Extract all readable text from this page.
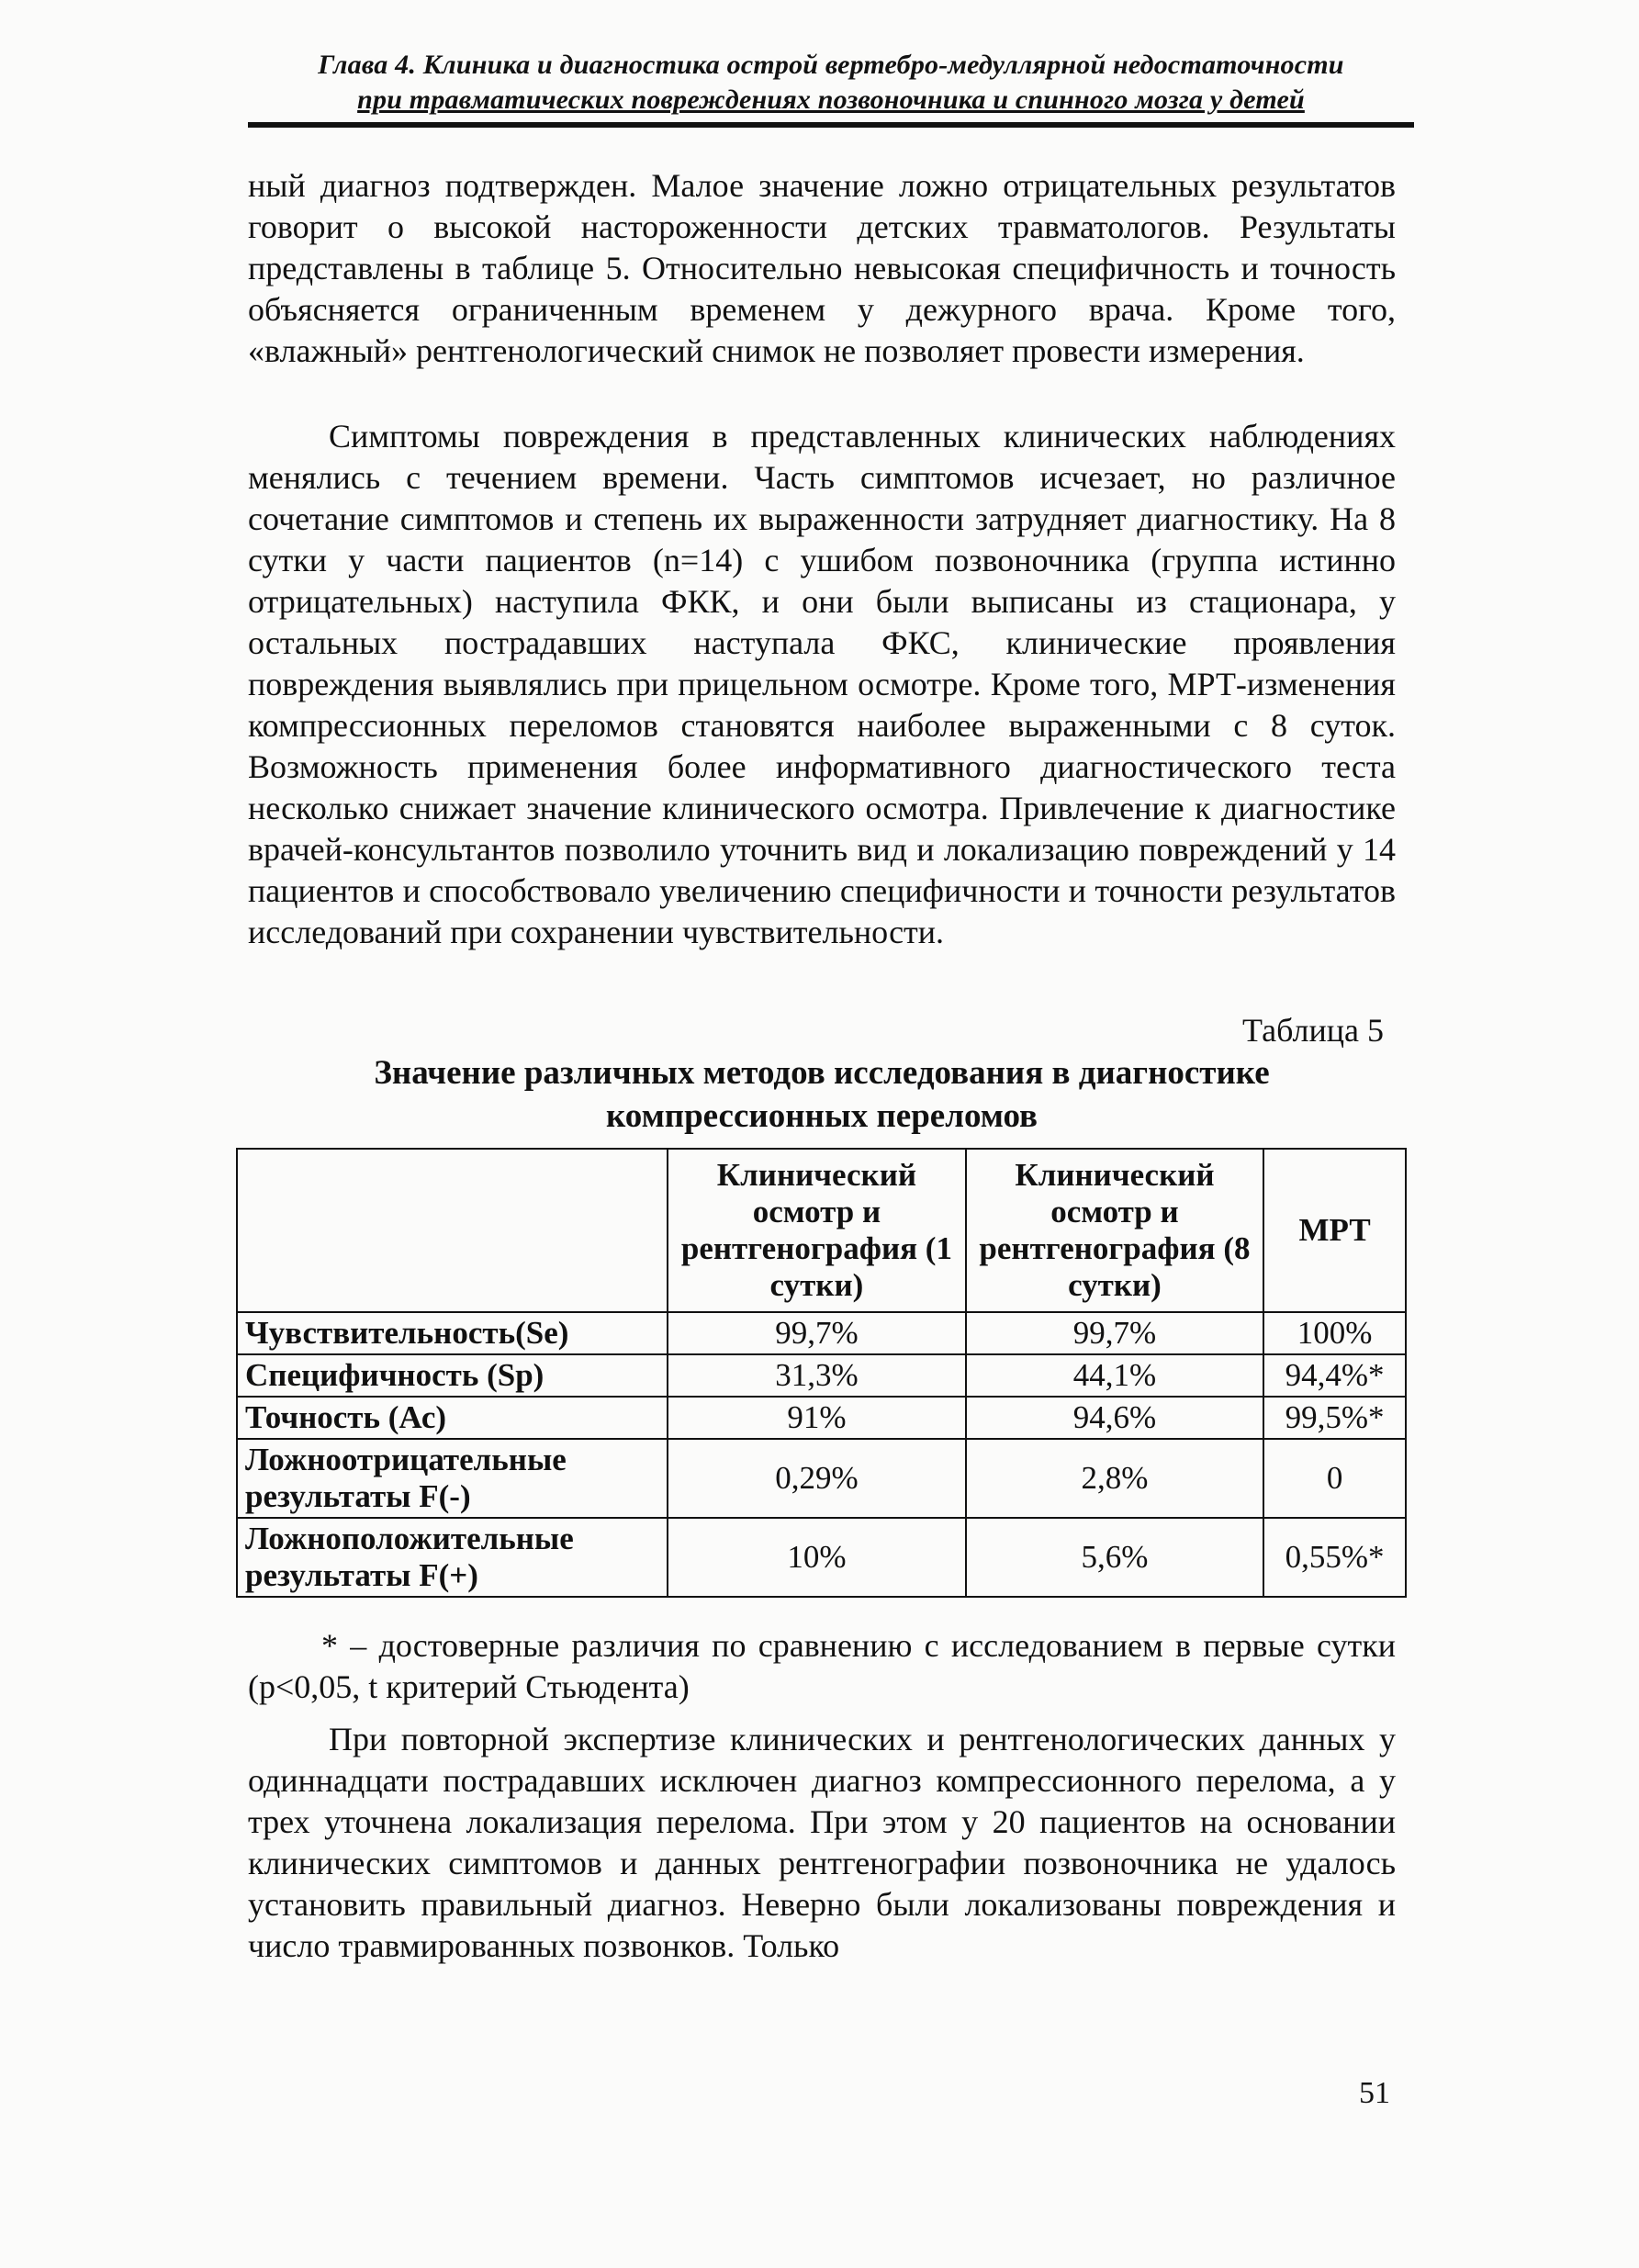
Глава 4. Клиника и диагностика острой вертебро-медуллярной недостаточности
при травматических повреждениях позвоночника и спинного мозга у детей

ный диагноз подтвержден. Малое значение ложно отрицательных результатов говорит о высокой настороженности детских травматологов. Результаты представлены в таблице 5. Относительно невысокая специфичность и точность объясняется ограниченным временем у дежурного врача. Кроме того, «влажный» рентгенологический снимок не позволяет провести измерения.

Симптомы повреждения в представленных клинических наблюдениях менялись с течением времени. Часть симптомов исчезает, но различное сочетание симптомов и степень их выраженности затрудняет диагностику. На 8 сутки у части пациентов (n=14) с ушибом позвоночника (группа истинно отрицательных) наступила ФКК, и они были выписаны из стационара, у остальных пострадавших наступала ФКС, клинические проявления повреждения выявлялись при прицельном осмотре. Кроме того, МРТ-изменения компрессионных переломов становятся наиболее выраженными с 8 суток. Возможность применения более информативного диагностического теста несколько снижает значение клинического осмотра. Привлечение к диагностике врачей-консультантов позволило уточнить вид и локализацию повреждений у 14 пациентов и способствовало увеличению специфичности и точности результатов исследований при сохранении чувствительности.

Таблица 5
Значение различных методов исследования в диагностике компрессионных переломов
	Клинический осмотр и рентгенография (1 сутки)	Клинический осмотр и рентгенография (8 сутки)	МРТ
Чувствительность(Se)	99,7%	99,7%	100%
Специфичность (Sp)	31,3%	44,1%	94,4%*
Точность (Ас)	91%	94,6%	99,5%*
Ложноотрицательные результаты F(-)	0,29%	2,8%	0
Ложноположительные результаты F(+)	10%	5,6%	0,55%*

* – достоверные различия по сравнению с исследованием в первые сутки (р<0,05, t критерий Стьюдента)

При повторной экспертизе клинических и рентгенологических данных у одиннадцати пострадавших исключен диагноз компрессионного перелома, а у трех уточнена локализация перелома. При этом у 20 пациентов на основании клинических симптомов и данных рентгенографии позвоночника не удалось установить правильный диагноз. Неверно были локализованы повреждения и число травмированных позвонков. Только

51
